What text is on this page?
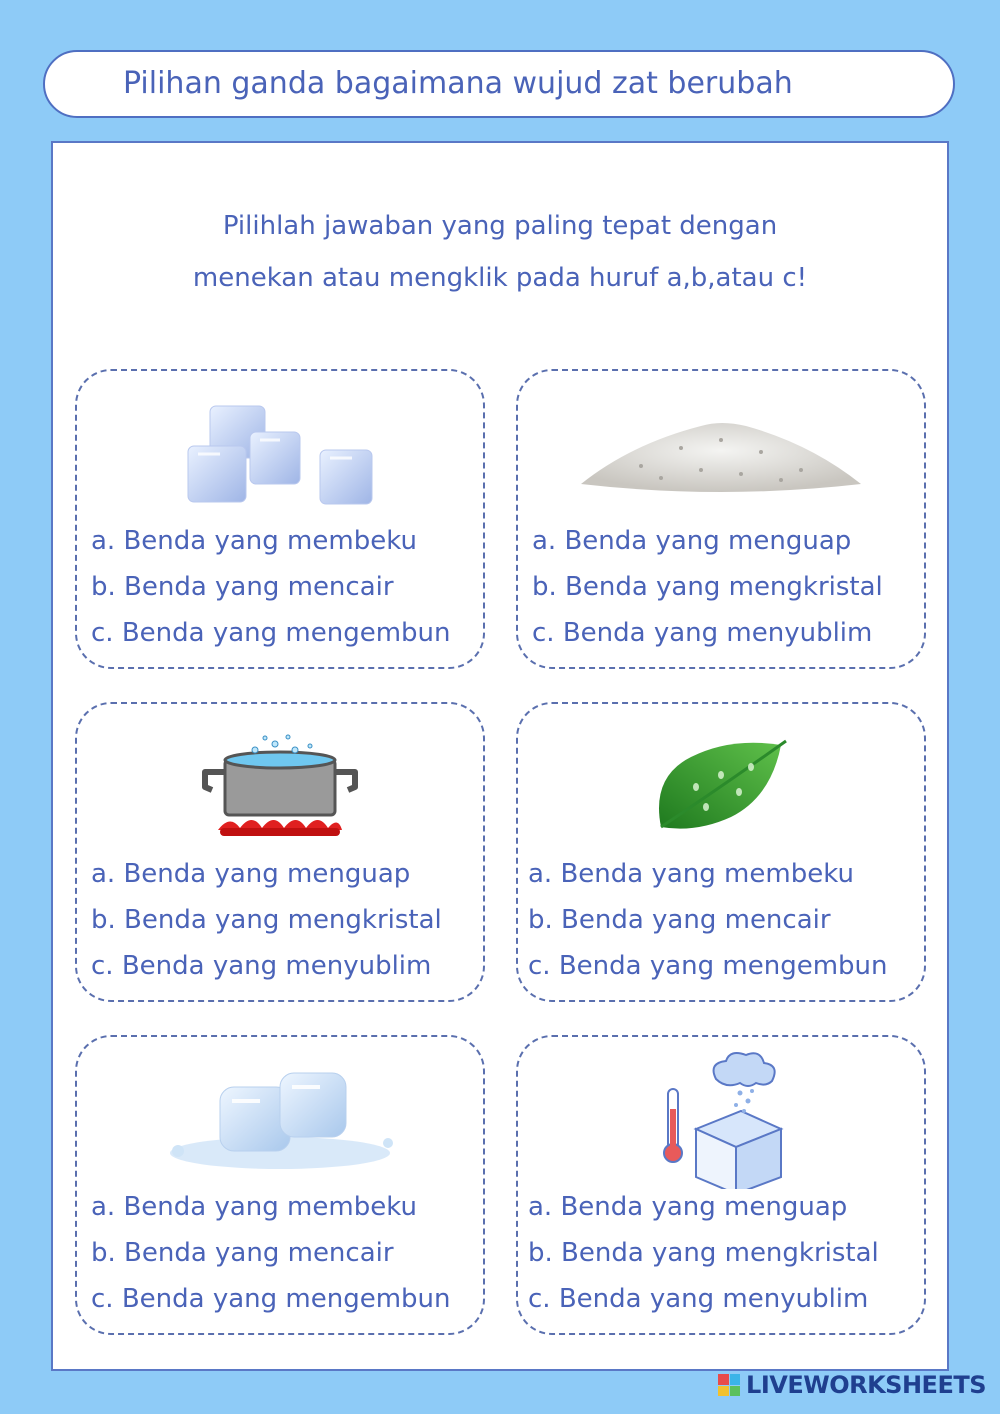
Pilihan ganda bagaimana wujud zat berubah
Pilihlah jawaban yang paling tepat dengan
menekan atau mengklik pada huruf a,b,atau c!
a. Benda yang membeku
b. Benda yang mencair
c. Benda yang mengembun
a. Benda yang menguap
b. Benda yang mengkristal
c. Benda yang menyublim
a. Benda yang menguap
b. Benda yang mengkristal
c. Benda yang menyublim
a. Benda yang membeku
b. Benda yang mencair
c. Benda yang mengembun
a. Benda yang membeku
b. Benda yang mencair
c. Benda yang mengembun
a. Benda yang menguap
b. Benda yang mengkristal
c. Benda yang menyublim
LIVEWORKSHEETS
